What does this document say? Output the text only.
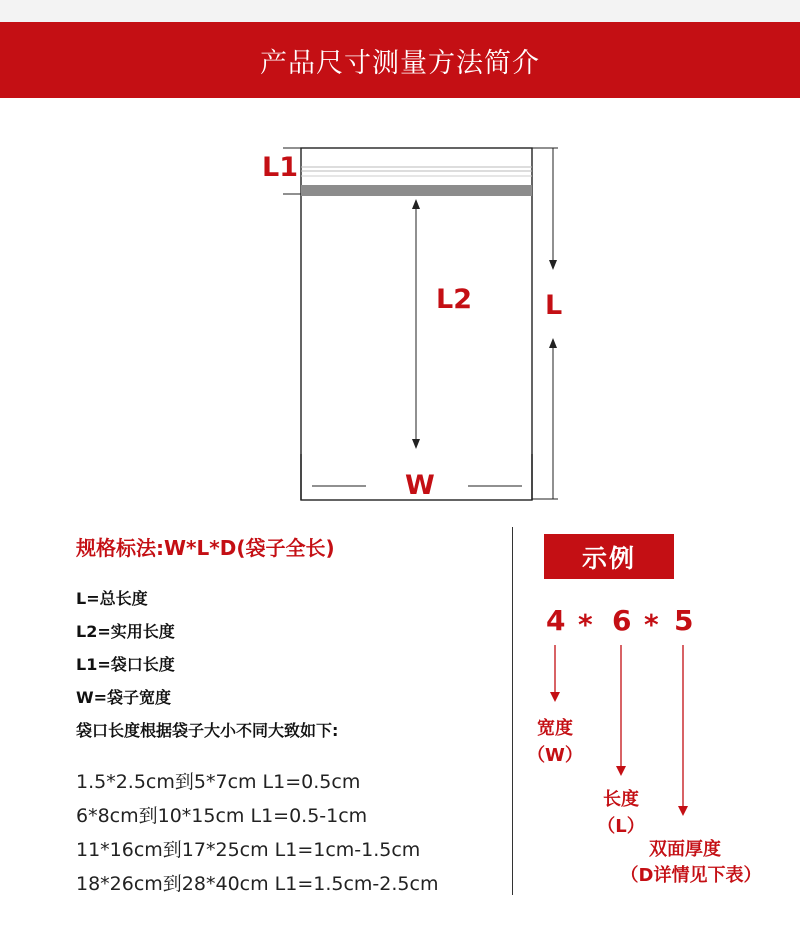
产品尺寸测量方法简介
L1
L2	L
W
规格标法:W*L*D(袋子全长)
L=总长度
L2=实用长度
L1=袋口长度
W=袋子宽度
袋口长度根据袋子大小不同大致如下:
1.5*2.5cm到5*7cm L1=0.5cm
6*8cm到10*15cm L1=0.5-1cm
11*16cm到17*25cm L1=1cm-1.5cm
18*26cm到28*40cm L1=1.5cm-2.5cm
示例
4 * 6 * 5
宽度
（W）
长度
（L）
双面厚度
（D详情见下表）
